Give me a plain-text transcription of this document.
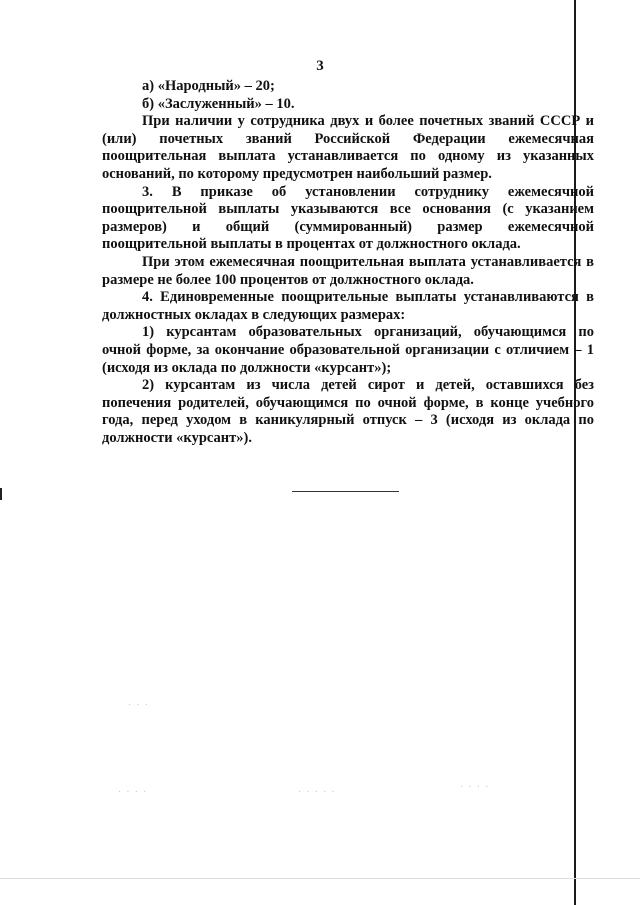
3

а) «Народный» – 20;

б) «Заслуженный» – 10.

При наличии у сотрудника двух и более почетных званий СССР и (или) почетных званий Российской Федерации ежемесячная поощрительная выплата устанавливается по одному из указанных оснований, по которому предусмотрен наибольший размер.

3. В приказе об установлении сотруднику ежемесячной поощрительной выплаты указываются все основания (с указанием размеров) и общий (суммированный) размер ежемесячной поощрительной выплаты в процентах от должностного оклада.

При этом ежемесячная поощрительная выплата устанавливается в размере не более 100 процентов от должностного оклада.

4. Единовременные поощрительные выплаты устанавливаются в должностных окладах в следующих размерах:

1) курсантам образовательных организаций, обучающимся по очной форме, за окончание образовательной организации с отличием – 1 (исходя из оклада по должности «курсант»);

2) курсантам из числа детей сирот и детей, оставшихся без попечения родителей, обучающимся по очной форме, в конце учебного года, перед уходом в каникулярный отпуск – 3 (исходя из оклада по должности «курсант»).

· · ·
· · · ·	· · · · ·	· · · ·
